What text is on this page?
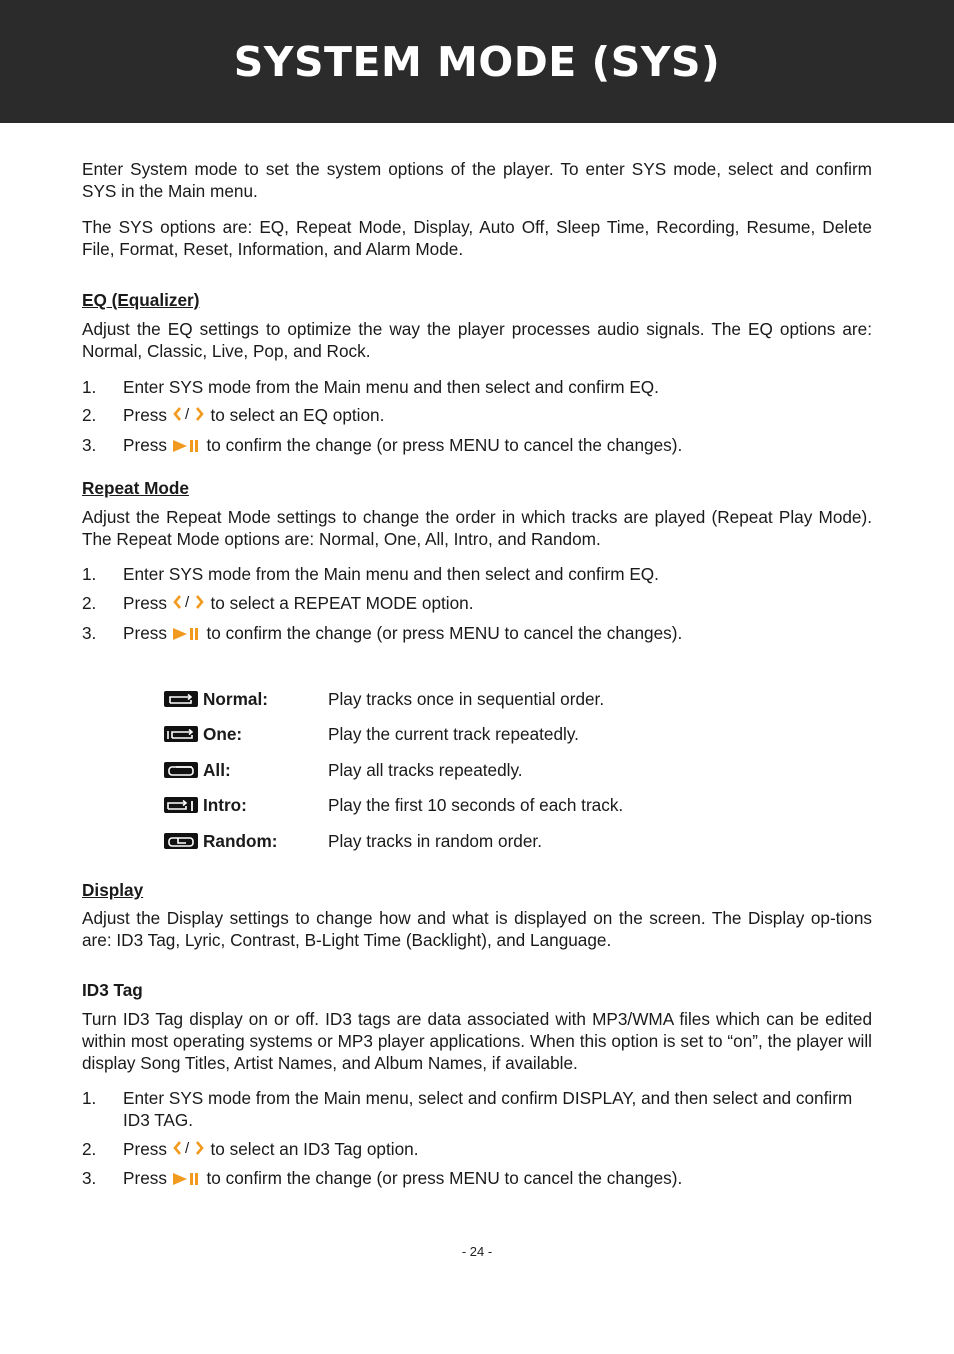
SYSTEM MODE (SYS)

Enter System mode to set the system options of the player. To enter SYS mode, select and confirm SYS in the Main menu.

The SYS options are: EQ, Repeat Mode, Display, Auto Off, Sleep Time, Recording, Resume, Delete File, Format, Reset, Information, and Alarm Mode.

EQ (Equalizer)

Adjust the EQ settings to optimize the way the player processes audio signals. The EQ options are: Normal, Classic, Live, Pop, and Rock.

1.	Enter SYS mode from the Main menu and then select and confirm EQ.
2.	Press / to select an EQ option.
3.	Press to confirm the change (or press MENU to cancel the changes).
Repeat Mode

Adjust the Repeat Mode settings to change the order in which tracks are played (Repeat Play Mode). The Repeat Mode options are: Normal, One, All, Intro, and Random.

1.	Enter SYS mode from the Main menu and then select and confirm EQ.
2.	Press / to select a REPEAT MODE option.
3.	Press to confirm the change (or press MENU to cancel the changes).
Normal:	Play tracks once in sequential order.
One:	Play the current track repeatedly.
All:	Play all tracks repeatedly.
Intro:	Play the first 10 seconds of each track.
Random:	Play tracks in random order.
Display

Adjust the Display settings to change how and what is displayed on the screen. The Display op-tions are: ID3 Tag, Lyric, Contrast, B-Light Time (Backlight), and Language.

ID3 Tag

Turn ID3 Tag display on or off. ID3 tags are data associated with MP3/WMA files which can be edited within most operating systems or MP3 player applications. When this option is set to “on”, the player will display Song Titles, Artist Names, and Album Names, if available.

1.	Enter SYS mode from the Main menu, select and confirm DISPLAY, and then select and confirm ID3 TAG.
2.	Press / to select an ID3 Tag option.
3.	Press to confirm the change (or press MENU to cancel the changes).
- 24 -
